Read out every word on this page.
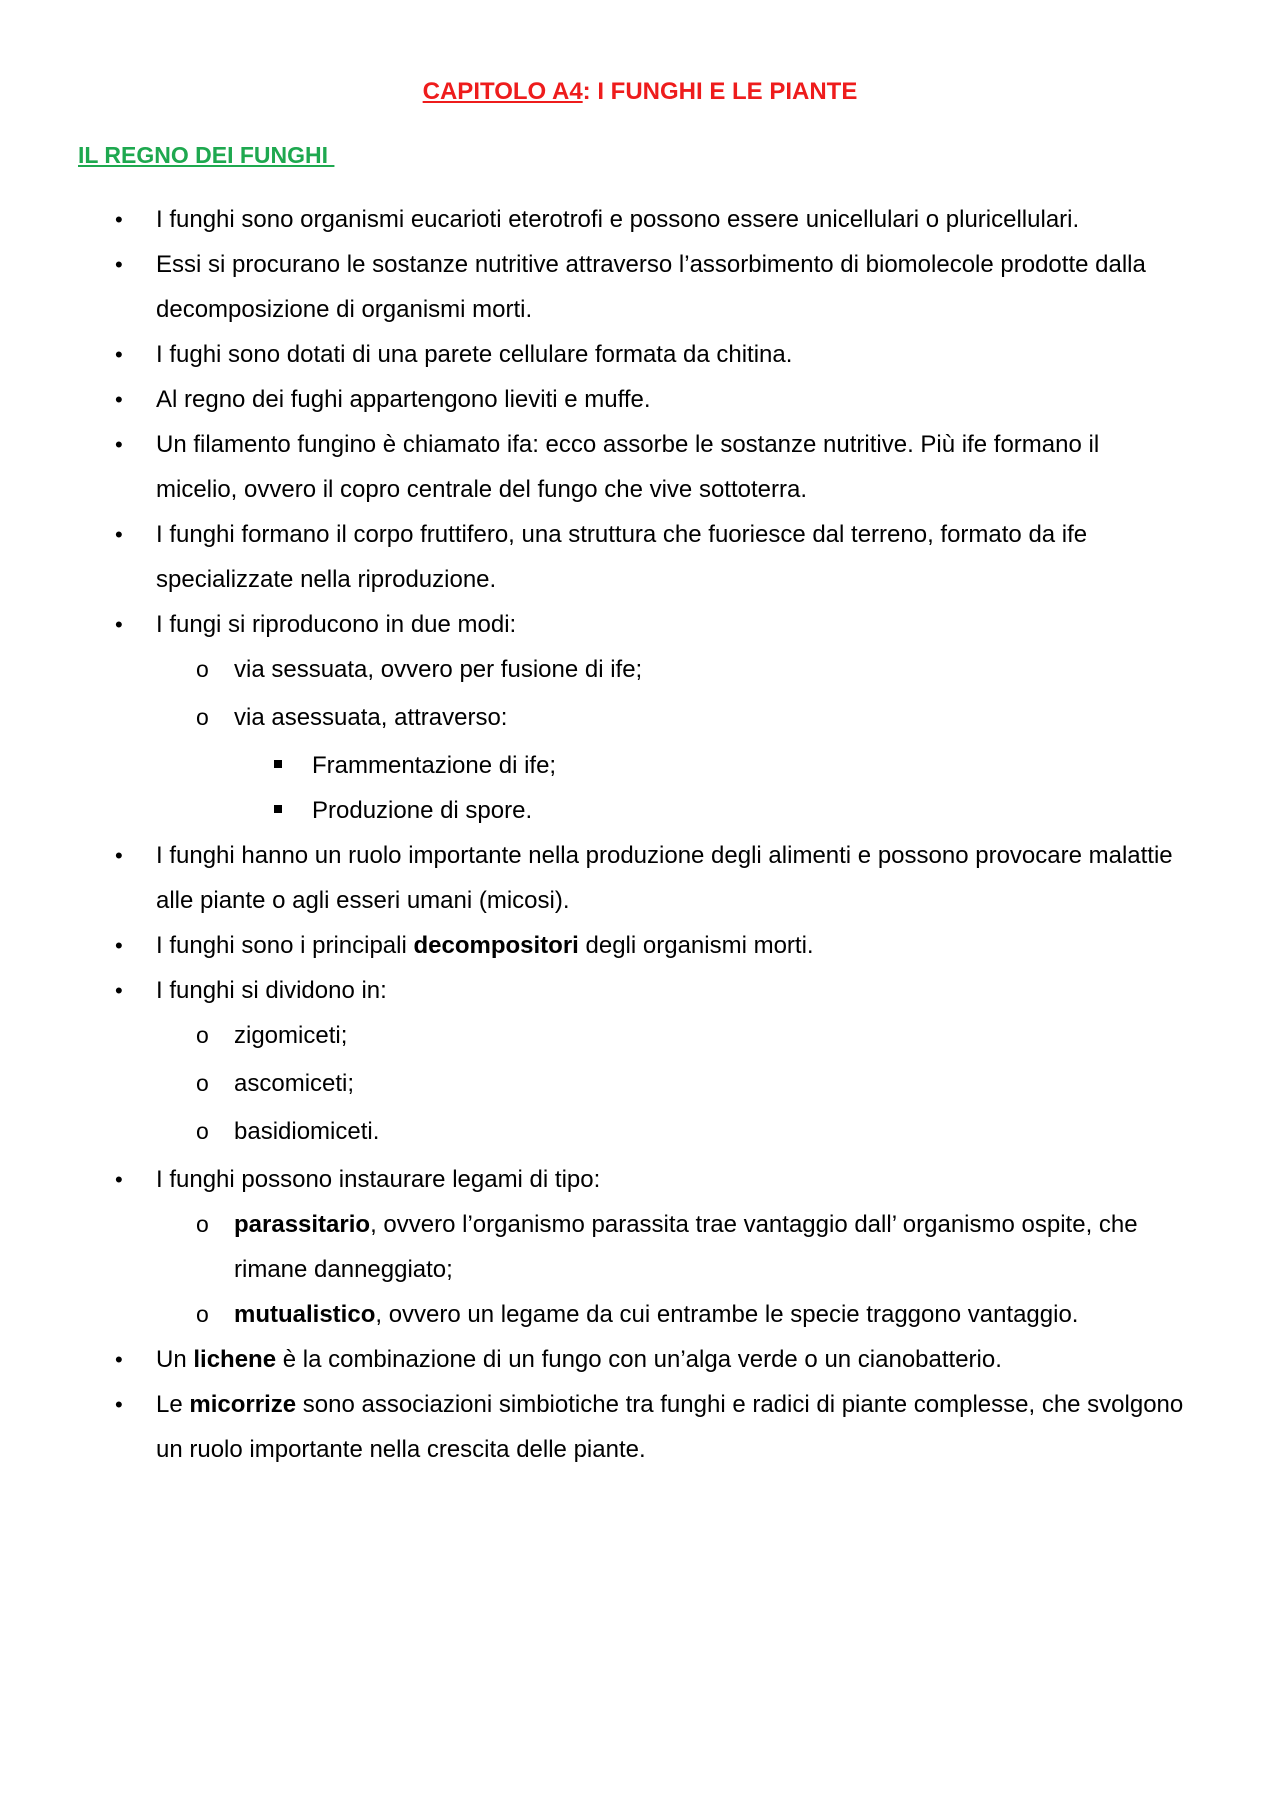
CAPITOLO A4: I FUNGHI E LE PIANTE
IL REGNO DEI FUNGHI
• I funghi sono organismi eucarioti eterotrofi e possono essere unicellulari o pluricellulari.
• Essi si procurano le sostanze nutritive attraverso l’assorbimento di biomolecole prodotte dalla decomposizione di organismi morti.
• I fughi sono dotati di una parete cellulare formata da chitina.
• Al regno dei fughi appartengono lieviti e muffe.
• Un filamento fungino è chiamato ifa: ecco assorbe le sostanze nutritive. Più ife formano il micelio, ovvero il copro centrale del fungo che vive sottoterra.
• I funghi formano il corpo fruttifero, una struttura che fuoriesce dal terreno, formato da ife specializzate nella riproduzione.
• I fungi si riproducono in due modi:
o via sessuata, ovvero per fusione di ife;
o via asessuata, attraverso:
Frammentazione di ife;
Produzione di spore.
• I funghi hanno un ruolo importante nella produzione degli alimenti e possono provocare malattie alle piante o agli esseri umani (micosi).
• I funghi sono i principali decompositori degli organismi morti.
• I funghi si dividono in:
o zigomiceti;
o ascomiceti;
o basidiomiceti.
• I funghi possono instaurare legami di tipo:
o parassitario, ovvero l’organismo parassita trae vantaggio dall’ organismo ospite, che rimane danneggiato;
o mutualistico, ovvero un legame da cui entrambe le specie traggono vantaggio.
• Un lichene è la combinazione di un fungo con un’alga verde o un cianobatterio.
• Le micorrize sono associazioni simbiotiche tra funghi e radici di piante complesse, che svolgono un ruolo importante nella crescita delle piante.
